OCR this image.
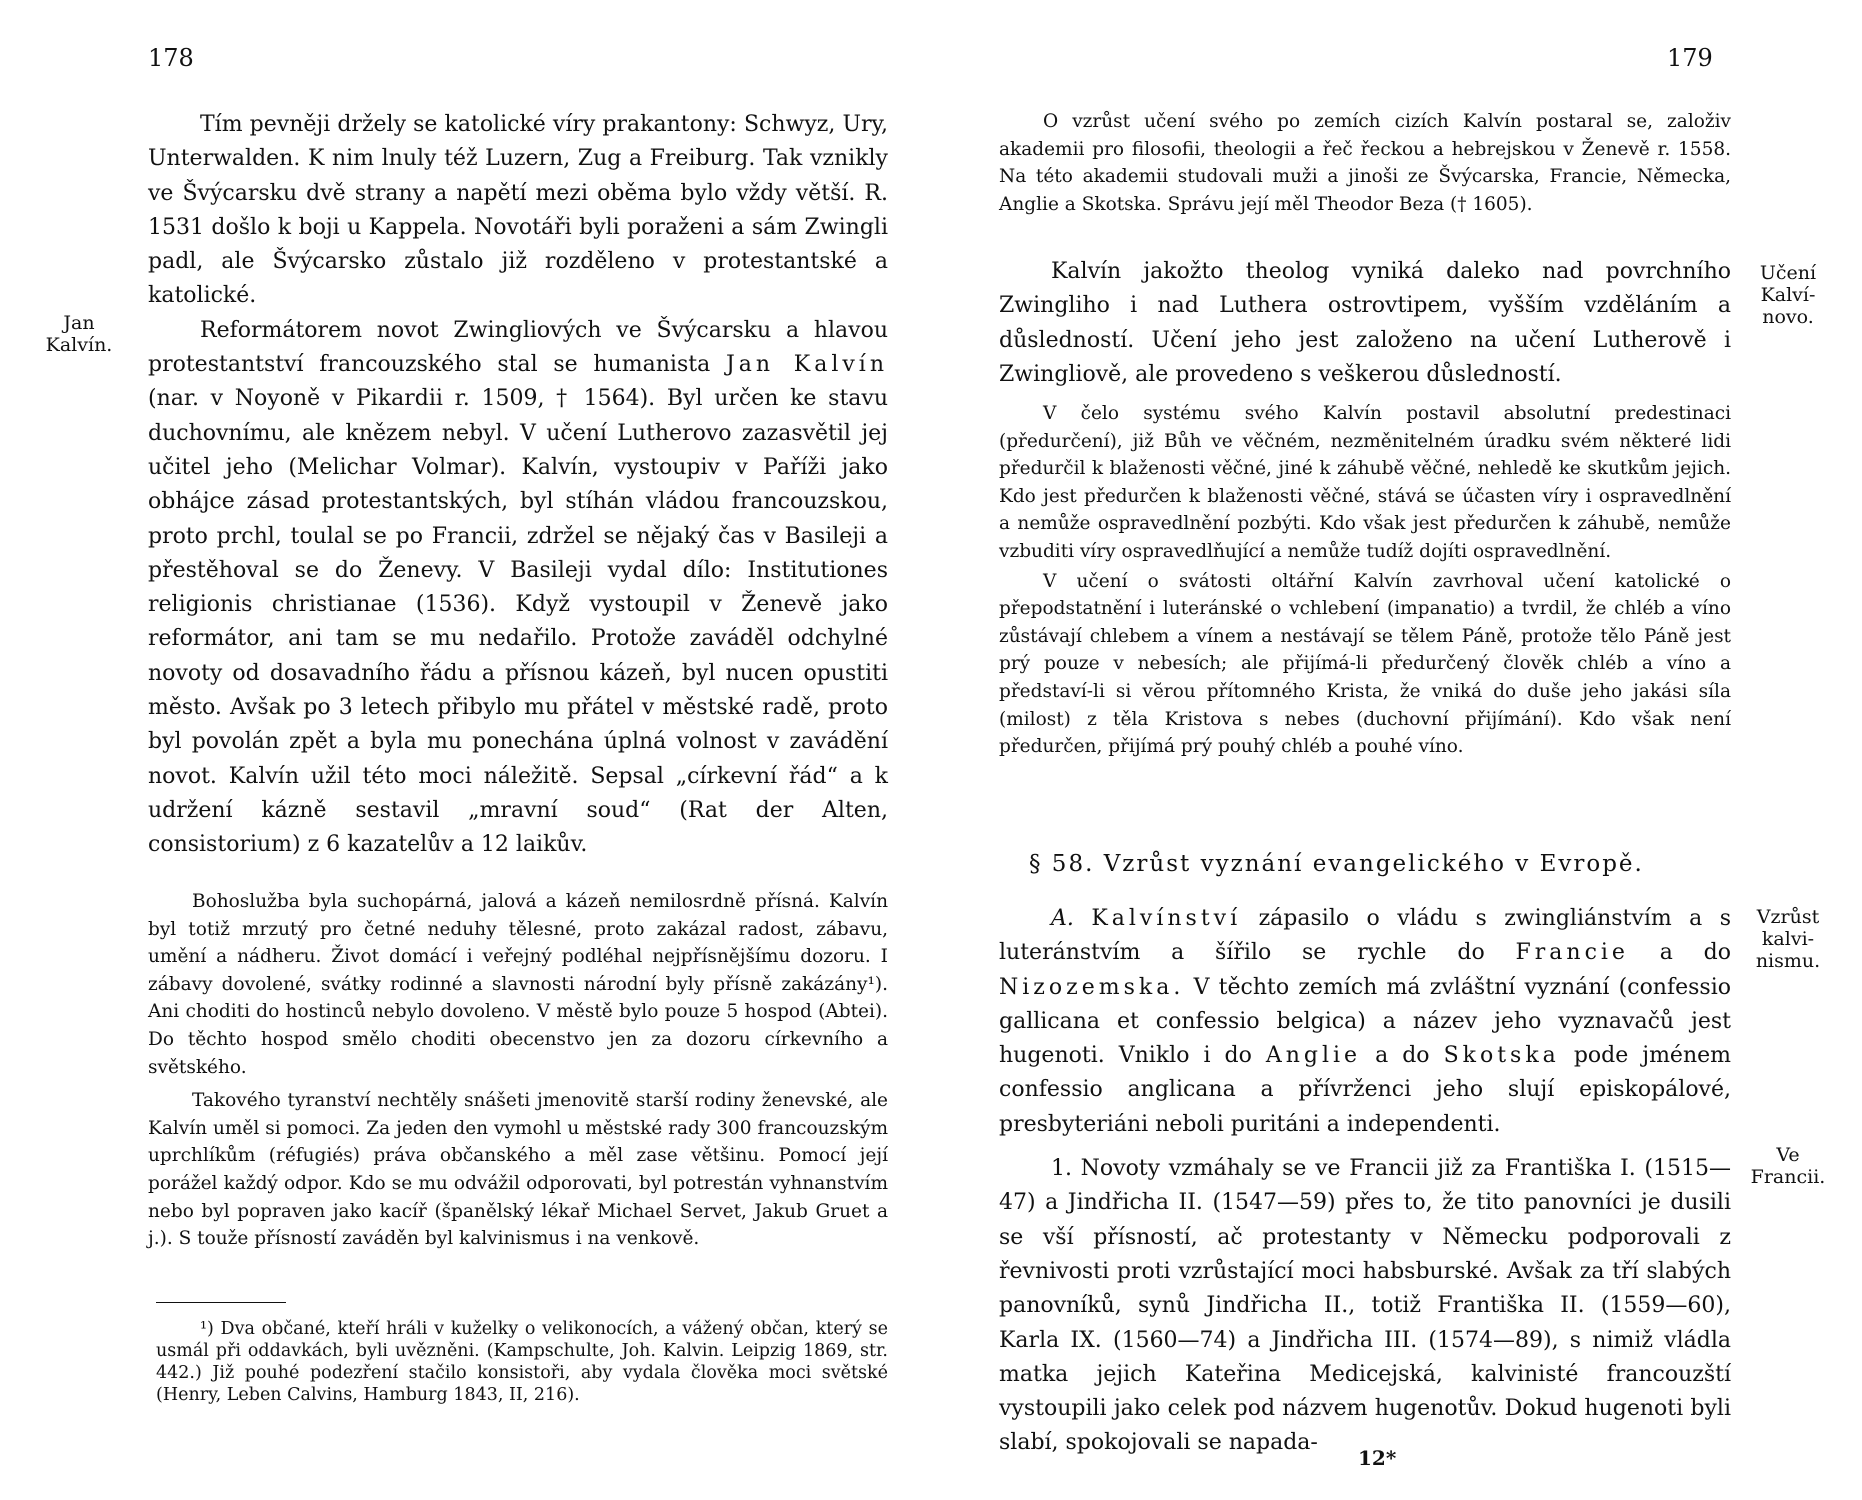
178
Jan
Kalvín.

Tím pevněji držely se katolické víry prakantony: Schwyz, Ury, Unterwalden. K nim lnuly též Luzern, Zug a Freiburg. Tak vznikly ve Švýcarsku dvě strany a napětí mezi oběma bylo vždy větší. R. 1531 došlo k boji u Kappela. Novotáři byli poraženi a sám Zwingli padl, ale Švýcarsko zůstalo již rozděleno v protestantské a katolické.

Reformátorem novot Zwingliových ve Švýcarsku a hlavou protestantství francouzského stal se humanista Jan Kalvín (nar. v Noyoně v Pikardii r. 1509, † 1564). Byl určen ke stavu duchovnímu, ale knězem nebyl. V učení Lutherovo zazasvětil jej učitel jeho (Melichar Volmar). Kalvín, vystoupiv v Paříži jako obhájce zásad protestantských, byl stíhán vládou francouzskou, proto prchl, toulal se po Francii, zdržel se nějaký čas v Basileji a přestěhoval se do Ženevy. V Basileji vydal dílo: Institutiones religionis christianae (1536). Když vystoupil v Ženevě jako reformátor, ani tam se mu nedařilo. Protože zaváděl odchylné novoty od dosavadního řádu a přísnou kázeň, byl nucen opustiti město. Avšak po 3 letech přibylo mu přátel v městské radě, proto byl povolán zpět a byla mu ponechána úplná volnost v zavádění novot. Kalvín užil této moci náležitě. Sepsal „církevní řád“ a k udržení kázně sestavil „mravní soud“ (Rat der Alten, consistorium) z 6 kazatelův a 12 laikův.

Bohoslužba byla suchopárná, jalová a kázeň nemilosrdně přísná. Kalvín byl totiž mrzutý pro četné neduhy tělesné, proto zakázal radost, zábavu, umění a nádheru. Život domácí i veřejný podléhal nejpřísnějšímu dozoru. I zábavy dovolené, svátky rodinné a slavnosti národní byly přísně zakázány¹). Ani choditi do hostinců nebylo dovoleno. V městě bylo pouze 5 hospod (Abtei). Do těchto hospod smělo choditi obecenstvo jen za dozoru církevního a světského.

Takového tyranství nechtěly snášeti jmenovitě starší rodiny ženevské, ale Kalvín uměl si pomoci. Za jeden den vymohl u městské rady 300 francouzským uprchlíkům (réfugiés) práva občanského a měl zase většinu. Pomocí její porážel každý odpor. Kdo se mu odvážil odporovati, byl potrestán vyhnanstvím nebo byl popraven jako kacíř (španělský lékař Michael Servet, Jakub Gruet a j.). S touže přísností zaváděn byl kalvinismus i na venkově.

¹) Dva občané, kteří hráli v kuželky o velikonocích, a vážený občan, který se usmál při oddavkách, byli uvězněni. (Kampschulte, Joh. Kalvin. Leipzig 1869, str. 442.) Již pouhé podezření stačilo konsistoři, aby vydala člověka moci světské (Henry, Leben Calvins, Hamburg 1843, II, 216).

179
Učení
Kalví-
novo.
Vzrůst
kalvi-
nismu.
Ve
Francii.

O vzrůst učení svého po zemích cizích Kalvín postaral se, založiv akademii pro filosofii, theologii a řeč řeckou a hebrejskou v Ženevě r. 1558. Na této akademii studovali muži a jinoši ze Švýcarska, Francie, Německa, Anglie a Skotska. Správu její měl Theodor Beza († 1605).

Kalvín jakožto theolog vyniká daleko nad povrchního Zwingliho i nad Luthera ostrovtipem, vyšším vzděláním a důsledností. Učení jeho jest založeno na učení Lutherově i Zwingliově, ale provedeno s veškerou důsledností.

V čelo systému svého Kalvín postavil absolutní predestinaci (předurčení), již Bůh ve věčném, nezměnitelném úradku svém některé lidi předurčil k blaženosti věčné, jiné k záhubě věčné, nehledě ke skutkům jejich. Kdo jest předurčen k blaženosti věčné, stává se účasten víry i ospravedlnění a nemůže ospravedlnění pozbýti. Kdo však jest předurčen k záhubě, nemůže vzbuditi víry ospravedlňující a nemůže tudíž dojíti ospravedlnění.

V učení o svátosti oltářní Kalvín zavrhoval učení katolické o přepodstatnění i luteránské o vchlebení (impanatio) a tvrdil, že chléb a víno zůstávají chlebem a vínem a nestávají se tělem Páně, protože tělo Páně jest prý pouze v nebesích; ale přijímá-li předurčený člověk chléb a víno a představí-li si vĕrou přítomného Krista, že vniká do duše jeho jakási síla (milost) z těla Kristova s nebes (duchovní přijímání). Kdo však není předurčen, přijímá prý pouhý chléb a pouhé víno.

§ 58. Vzrůst vyznání evangelického v Evropě.

A. Kalvínství zápasilo o vládu s zwingliánstvím a s luteránstvím a šířilo se rychle do Francie a do Nizozemska. V těchto zemích má zvláštní vyznání (confessio gallicana et confessio belgica) a název jeho vyznavačů jest hugenoti. Vniklo i do Anglie a do Skotska pode jménem confessio anglicana a přívrženci jeho slují episkopálové, presbyteriáni neboli puritáni a independenti.

1. Novoty vzmáhaly se ve Francii již za Františka I. (1515—47) a Jindřicha II. (1547—59) přes to, že tito panovníci je dusili se vší přísností, ač protestanty v Německu podporovali z řevnivosti proti vzrůstající moci habsburské. Avšak za tří slabých panovníků, synů Jindřicha II., totiž Františka II. (1559—60), Karla IX. (1560—74) a Jindřicha III. (1574—89), s nimiž vládla matka jejich Kateřina Medicejská, kalvinisté francouzští vystoupili jako celek pod názvem hugenotův. Dokud hugenoti byli slabí, spokojovali se napada-

12*
